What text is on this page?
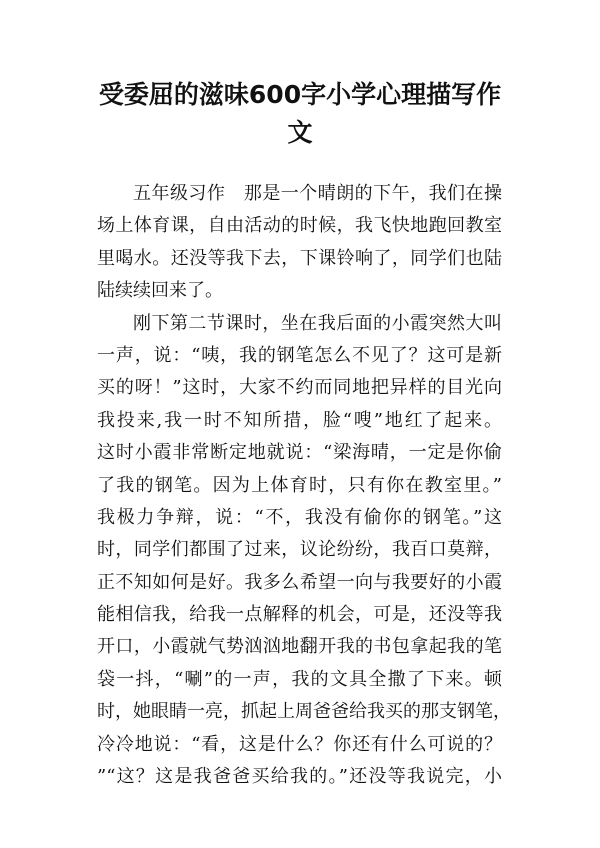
受委屈的滋味600字小学心理描写作
文
五年级习作　那是一个晴朗的下午，我们在操
场上体育课，自由活动的时候，我飞快地跑回教室
里喝水。还没等我下去，下课铃响了，同学们也陆
陆续续回来了。
刚下第二节课时，坐在我后面的小霞突然大叫
一声，说：“咦，我的钢笔怎么不见了？这可是新
买的呀！”这时，大家不约而同地把异样的目光向
我投来,我一时不知所措，脸“嗖”地红了起来。
这时小霞非常断定地就说：“梁海晴，一定是你偷
了我的钢笔。因为上体育时，只有你在教室里。”
我极力争辩，说：“不，我没有偷你的钢笔。”这
时，同学们都围了过来，议论纷纷，我百口莫辩，
正不知如何是好。我多么希望一向与我要好的小霞
能相信我，给我一点解释的机会，可是，还没等我
开口，小霞就气势汹汹地翻开我的书包拿起我的笔
袋一抖，“唰”的一声，我的文具全撒了下来。顿
时，她眼睛一亮，抓起上周爸爸给我买的那支钢笔，
冷冷地说：“看，这是什么？你还有什么可说的？
”“这？这是我爸爸买给我的。”还没等我说完，小
